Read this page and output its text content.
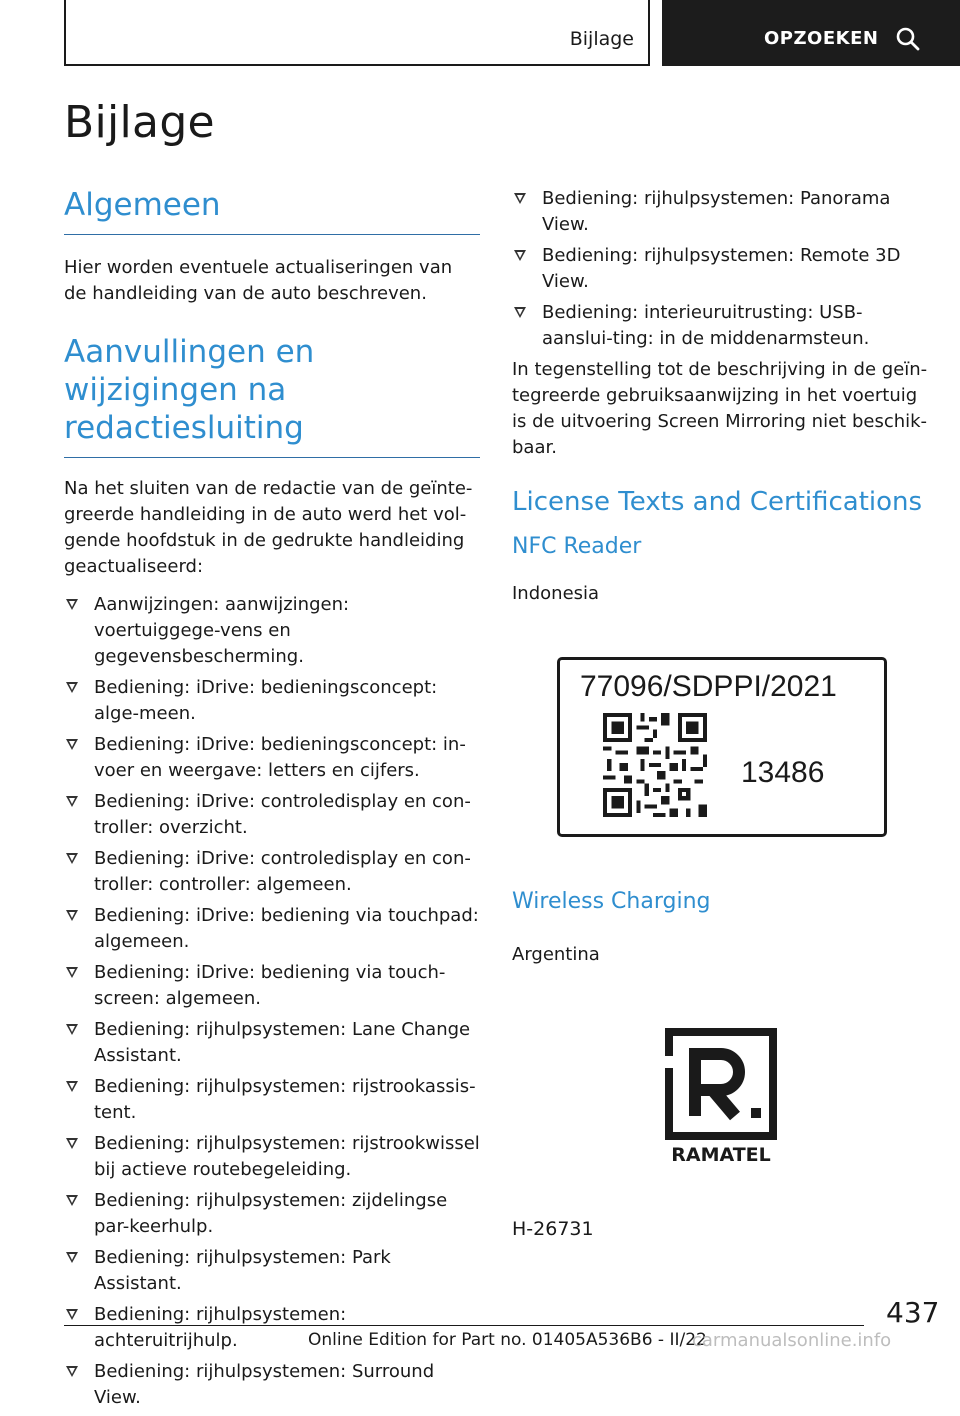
Bijlage	OPZOEKEN
Bijlage
Algemeen

Hier worden eventuele actualiseringen van de handleiding van de auto beschreven.

Aanvullingen en wijzigingen na redactiesluiting

Na het sluiten van de redactie van de geïnte-greerde handleiding in de auto werd het vol-gende hoofdstuk in de gedrukte handleiding geactualiseerd:

Aanwijzingen: aanwijzingen: voertuiggege-vens en gegevensbescherming.
Bediening: iDrive: bedieningsconcept: alge-meen.
Bediening: iDrive: bedieningsconcept: in-voer en weergave: letters en cijfers.
Bediening: iDrive: controledisplay en con-troller: overzicht.
Bediening: iDrive: controledisplay en con-troller: controller: algemeen.
Bediening: iDrive: bediening via touchpad: algemeen.
Bediening: iDrive: bediening via touch-screen: algemeen.
Bediening: rijhulpsystemen: Lane Change Assistant.
Bediening: rijhulpsystemen: rijstrookassis-tent.
Bediening: rijhulpsystemen: rijstrookwissel bij actieve routebegeleiding.
Bediening: rijhulpsystemen: zijdelingse par-keerhulp.
Bediening: rijhulpsystemen: Park Assistant.
Bediening: rijhulpsystemen: achteruitrijhulp.
Bediening: rijhulpsystemen: Surround View.
Bediening: rijhulpsystemen: Panorama View.
Bediening: rijhulpsystemen: Remote 3D View.
Bediening: interieuruitrusting: USB-aanslui-ting: in de middenarmsteun.

In tegenstelling tot de beschrijving in de geïn-tegreerde gebruiksaanwijzing in het voertuig is de uitvoering Screen Mirroring niet beschik-baar.

License Texts and Certifications
NFC Reader
Indonesia
77096/SDPPI/2021
13486
Wireless Charging
Argentina
RAMATEL
H-26731
437
Online Edition for Part no. 01405A536B6 - II/22
carmanualsonline.info
